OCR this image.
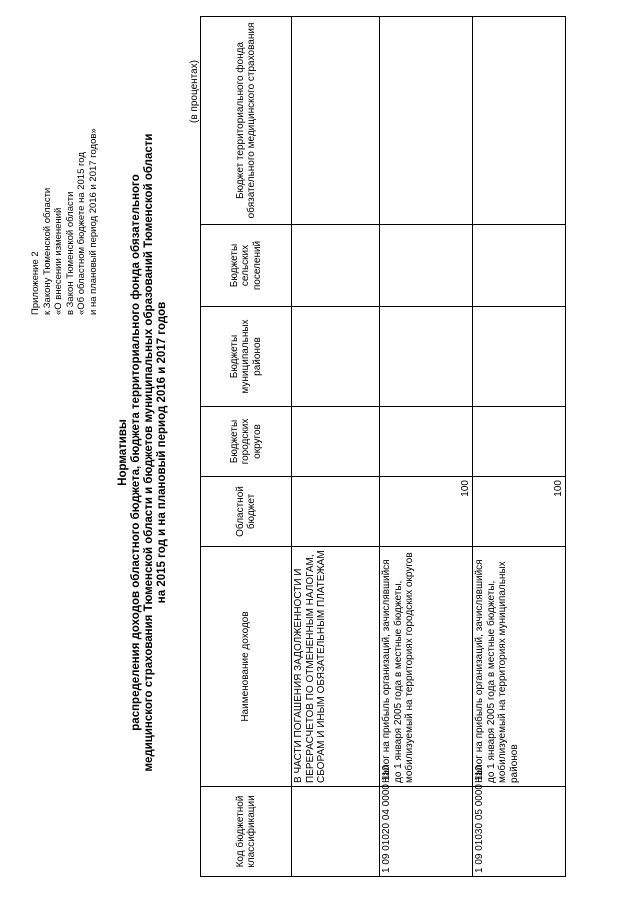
Приложение 2 к Закону Тюменской области «О внесении изменений в Закон Тюменской области «Об областном бюджете на 2015 год и на плановый период 2016 и 2017 годов»
Нормативы распределения доходов областного бюджета, бюджета территориального фонда обязательного медицинского страхования Тюменской области и бюджетов муниципальных образований Тюменской области на 2015 год и на плановый период 2016 и 2017 годов
(в процентах)
Код бюджетной классификации	Наименование доходов	Областной бюджет	Бюджеты городских округов	Бюджеты муниципальных районов	Бюджеты сельских поселений	Бюджет территориального фонда обязательного медицинского страхования
	В ЧАСТИ ПОГАШЕНИЯ ЗАДОЛЖЕННОСТИ И ПЕРЕРАСЧЕТОВ ПО ОТМЕНЕННЫМ НАЛОГАМ, СБОРАМ И ИНЫМ ОБЯЗАТЕЛЬНЫМ ПЛАТЕЖАМ					
1 09 01020 04 0000 110	Налог на прибыль организаций, зачислявшийся до 1 января 2005 года в местные бюджеты, мобилизуемый на территориях городских округов	100				
1 09 01030 05 0000 110	Налог на прибыль организаций, зачислявшийся до 1 января 2005 года в местные бюджеты, мобилизуемый на территориях муниципальных районов	100				
